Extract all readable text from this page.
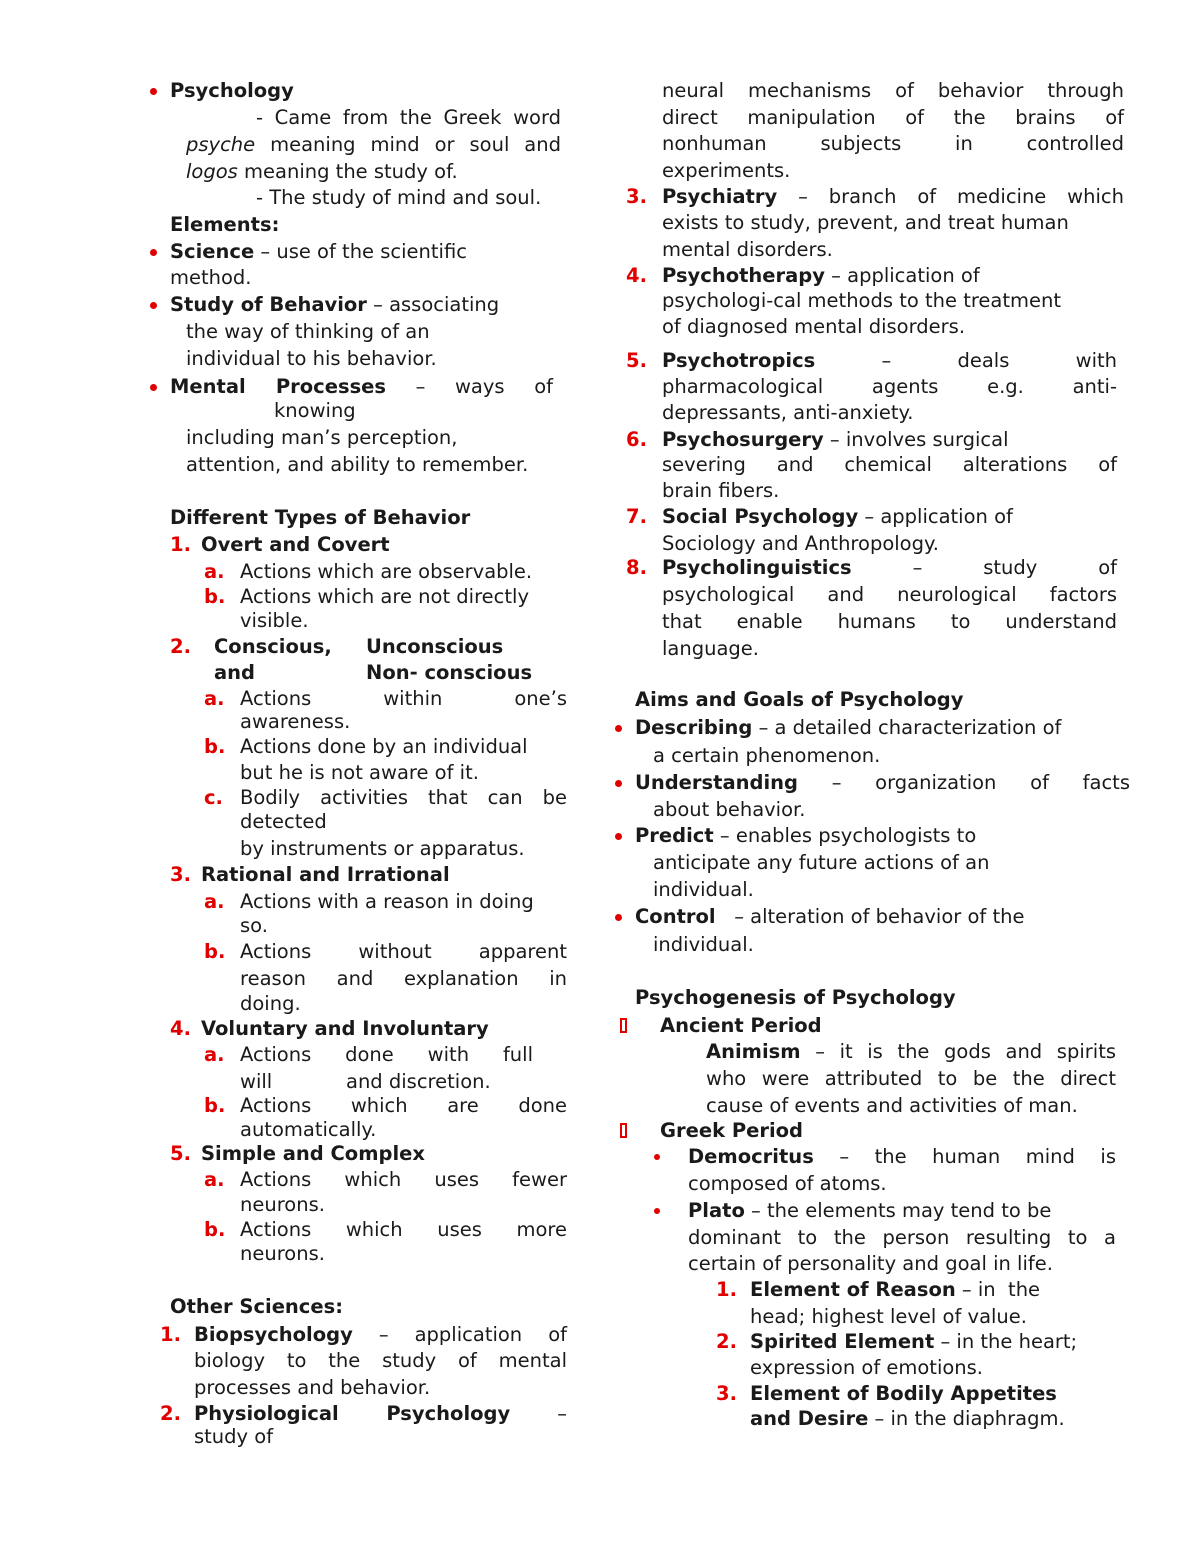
Psychology
- Came from the Greek word
psyche meaning mind or soul and
logos meaning the study of.
- The study of mind and soul.
Elements:
Science – use of the scientific
method.
Study of Behavior – associating
the way of thinking of an
individual to his behavior.
Mental Processes – ways of
knowing
including man’s perception,
attention, and ability to remember.
Different Types of Behavior
Overt and Covert
1.
Actions which are observable.
a.
Actions which are not directly
b.
visible.
Conscious,
2.	Unconscious
and	Non- conscious
Actions within one’s
a.
awareness.
Actions done by an individual
b.
but he is not aware of it.
Bodily activities that can be
c.
detected
by instruments or apparatus.
Rational and Irrational
3.
Actions with a reason in doing
a.
so.
Actions without apparent
b.
reason and explanation in
doing.
Voluntary and Involuntary
4.
Actions done with full
a.
will	and discretion.
Actions which are done
b.
automatically.
Simple and Complex
5.
Actions which uses fewer
a.
neurons.
Actions which uses more
b.
neurons.
Other Sciences:
Biopsychology – application of
1.
biology to the study of mental
processes and behavior.
Physiological Psychology –
2.
study of
neural mechanisms of behavior through
direct manipulation of the brains of
nonhuman subjects in controlled
experiments.
Psychiatry – branch of medicine which
3.
exists to study, prevent, and treat human
mental disorders.
Psychotherapy – application of
4.
psychologi-cal methods to the treatment
of diagnosed mental disorders.
Psychotropics – deals with
5.
pharmacological agents e.g. anti-
depressants, anti-anxiety.
Psychosurgery – involves surgical
6.
severing and chemical alterations of
brain fibers.
Social Psychology – application of
7.
Sociology and Anthropology.
Psycholinguistics – study of
8.
psychological and neurological factors
that enable humans to understand
language.
Aims and Goals of Psychology
Describing – a detailed characterization of
a certain phenomenon.
Understanding – organization of facts
about behavior.
Predict – enables psychologists to
anticipate any future actions of an
individual.
Control   – alteration of behavior of the
individual.
Psychogenesis of Psychology
Ancient Period
Animism – it is the gods and spirits
who were attributed to be the direct
cause of events and activities of man.
Greek Period
Democritus – the human mind is
composed of atoms.
Plato – the elements may tend to be
dominant to the person resulting to a
certain of personality and goal in life.
Element of Reason – in  the
1.
head; highest level of value.
Spirited Element – in the heart;
2.
expression of emotions.
Element of Bodily Appetites
3.
and Desire – in the diaphragm.
